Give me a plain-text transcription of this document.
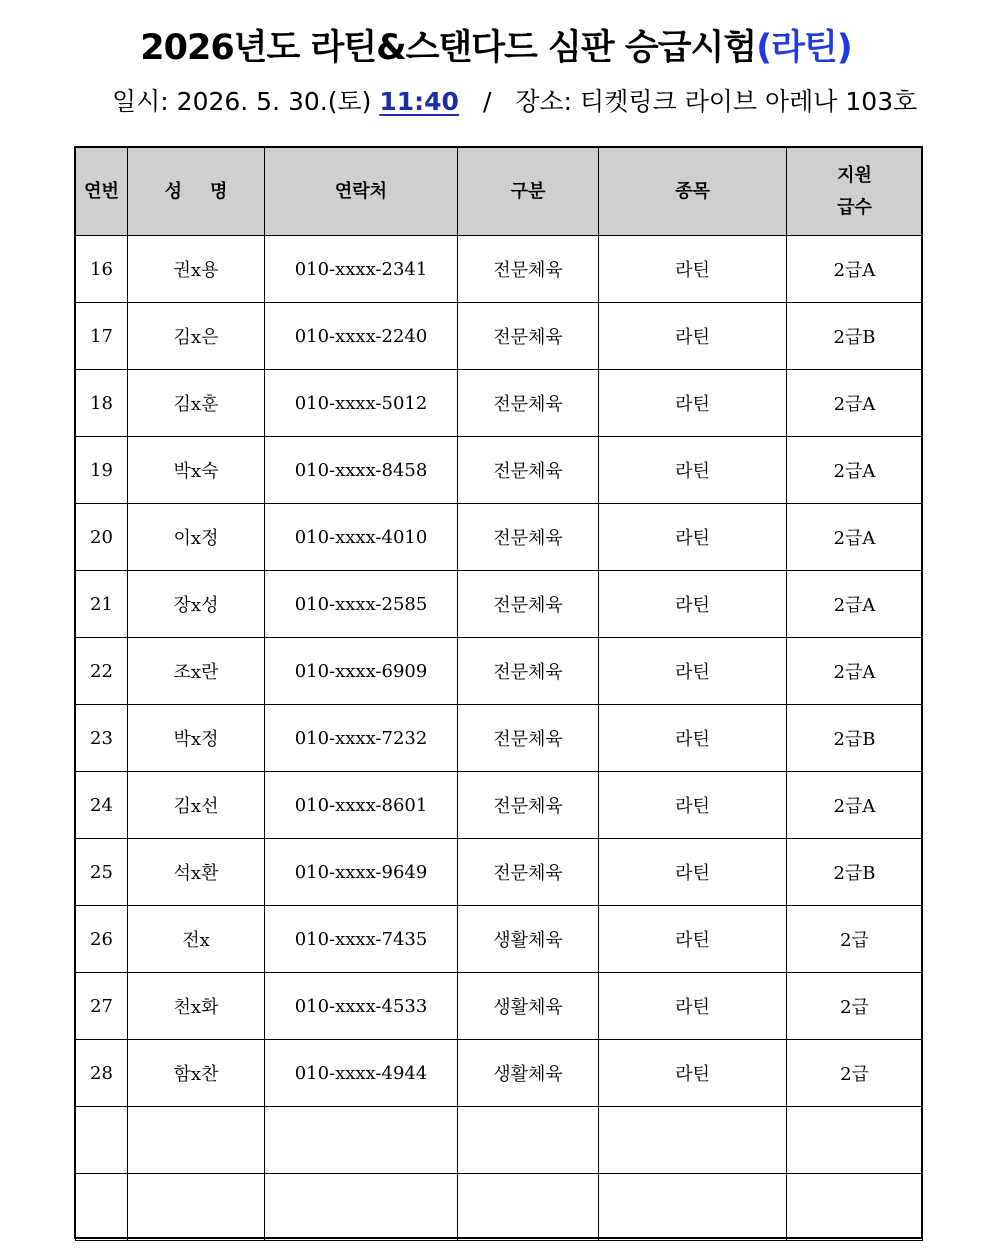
2026년도 라틴&스탠다드 심판 승급시험(라틴)
일시: 2026. 5. 30.(토) 11:40 / 장소: 티켓링크 라이브 아레나 103호
연번	성 명	연락처	구분	종목	지원
급수
16	권x용	010-xxxx-2341	전문체육	라틴	2급A
17	김x은	010-xxxx-2240	전문체육	라틴	2급B
18	김x훈	010-xxxx-5012	전문체육	라틴	2급A
19	박x숙	010-xxxx-8458	전문체육	라틴	2급A
20	이x정	010-xxxx-4010	전문체육	라틴	2급A
21	장x성	010-xxxx-2585	전문체육	라틴	2급A
22	조x란	010-xxxx-6909	전문체육	라틴	2급A
23	박x정	010-xxxx-7232	전문체육	라틴	2급B
24	김x선	010-xxxx-8601	전문체육	라틴	2급A
25	석x환	010-xxxx-9649	전문체육	라틴	2급B
26	전x	010-xxxx-7435	생활체육	라틴	2급
27	천x화	010-xxxx-4533	생활체육	라틴	2급
28	함x찬	010-xxxx-4944	생활체육	라틴	2급
